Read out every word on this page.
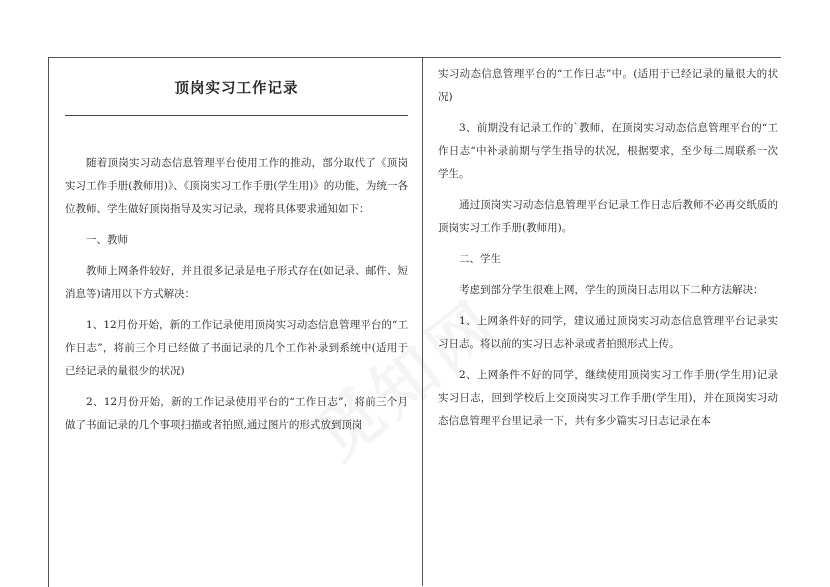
顶岗实习工作记录

随着顶岗实习动态信息管理平台使用工作的推动，部分取代了《顶岗实习工作手册(教师用)》、《顶岗实习工作手册(学生用)》的功能，为统一各位教师、学生做好顶岗指导及实习记录，现将具体要求通知如下：

一、教师

教师上网条件较好，并且很多记录是电子形式存在(如记录、邮件、短消息等)请用以下方式解决：

1、12月份开始，新的工作记录使用顶岗实习动态信息管理平台的“工作日志”，将前三个月已经做了书面记录的几个工作补录到系统中(适用于已经记录的量很少的状况)

2、12月份开始，新的工作记录使用平台的“工作日志”，将前三个月做了书面记录的几个事项扫描或者拍照,通过图片的形式放到顶岗

实习动态信息管理平台的“工作日志”中。(适用于已经记录的量很大的状况)

3、前期没有记录工作的`教师，在顶岗实习动态信息管理平台的“工作日志“中补录前期与学生指导的状况，根据要求，至少每二周联系一次学生。

通过顶岗实习动态信息管理平台记录工作日志后教师不必再交纸质的顶岗实习工作手册(教师用)。

二、学生

考虑到部分学生很难上网，学生的顶岗日志用以下二种方法解决：

1、上网条件好的同学，建议通过顶岗实习动态信息管理平台记录实习日志。将以前的实习日志补录或者拍照形式上传。

2、上网条件不好的同学，继续使用顶岗实习工作手册(学生用)记录实习日志，回到学校后上交顶岗实习工作手册(学生用)，并在顶岗实习动态信息管理平台里记录一下，共有多少篇实习日志记录在本
